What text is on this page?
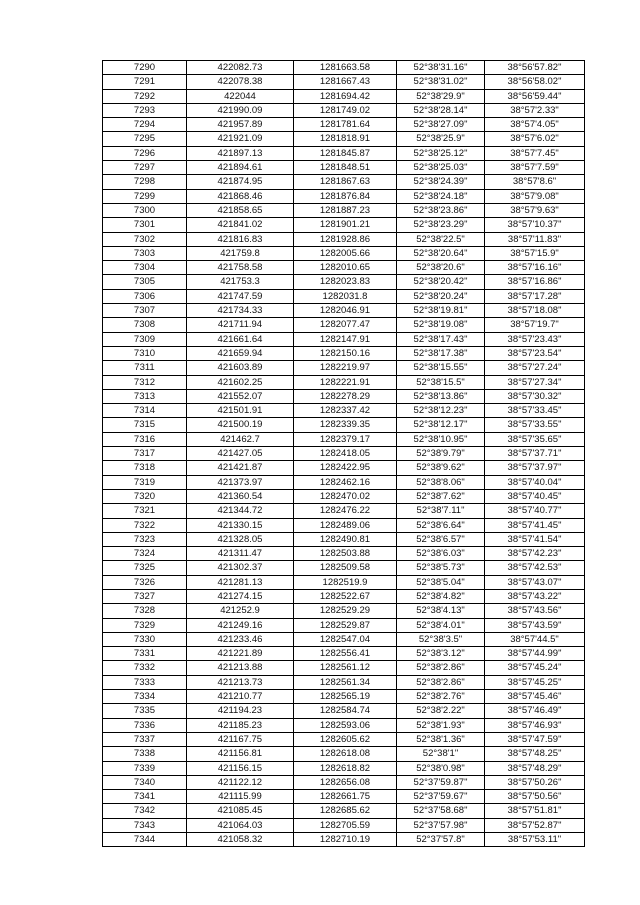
7290	422082.73	1281663.58	52°38'31.16"	38°56'57.82"
7291	422078.38	1281667.43	52°38'31.02"	38°56'58.02"
7292	422044	1281694.42	52°38'29.9"	38°56'59.44"
7293	421990.09	1281749.02	52°38'28.14"	38°57'2.33"
7294	421957.89	1281781.64	52°38'27.09"	38°57'4.05"
7295	421921.09	1281818.91	52°38'25.9"	38°57'6.02"
7296	421897.13	1281845.87	52°38'25.12"	38°57'7.45"
7297	421894.61	1281848.51	52°38'25.03"	38°57'7.59"
7298	421874.95	1281867.63	52°38'24.39"	38°57'8.6"
7299	421868.46	1281876.84	52°38'24.18"	38°57'9.08"
7300	421858.65	1281887.23	52°38'23.86"	38°57'9.63"
7301	421841.02	1281901.21	52°38'23.29"	38°57'10.37"
7302	421816.83	1281928.86	52°38'22.5"	38°57'11.83"
7303	421759.8	1282005.66	52°38'20.64"	38°57'15.9"
7304	421758.58	1282010.65	52°38'20.6"	38°57'16.16"
7305	421753.3	1282023.83	52°38'20.42"	38°57'16.86"
7306	421747.59	1282031.8	52°38'20.24"	38°57'17.28"
7307	421734.33	1282046.91	52°38'19.81"	38°57'18.08"
7308	421711.94	1282077.47	52°38'19.08"	38°57'19.7"
7309	421661.64	1282147.91	52°38'17.43"	38°57'23.43"
7310	421659.94	1282150.16	52°38'17.38"	38°57'23.54"
7311	421603.89	1282219.97	52°38'15.55"	38°57'27.24"
7312	421602.25	1282221.91	52°38'15.5"	38°57'27.34"
7313	421552.07	1282278.29	52°38'13.86"	38°57'30.32"
7314	421501.91	1282337.42	52°38'12.23"	38°57'33.45"
7315	421500.19	1282339.35	52°38'12.17"	38°57'33.55"
7316	421462.7	1282379.17	52°38'10.95"	38°57'35.65"
7317	421427.05	1282418.05	52°38'9.79"	38°57'37.71"
7318	421421.87	1282422.95	52°38'9.62"	38°57'37.97"
7319	421373.97	1282462.16	52°38'8.06"	38°57'40.04"
7320	421360.54	1282470.02	52°38'7.62"	38°57'40.45"
7321	421344.72	1282476.22	52°38'7.11"	38°57'40.77"
7322	421330.15	1282489.06	52°38'6.64"	38°57'41.45"
7323	421328.05	1282490.81	52°38'6.57"	38°57'41.54"
7324	421311.47	1282503.88	52°38'6.03"	38°57'42.23"
7325	421302.37	1282509.58	52°38'5.73"	38°57'42.53"
7326	421281.13	1282519.9	52°38'5.04"	38°57'43.07"
7327	421274.15	1282522.67	52°38'4.82"	38°57'43.22"
7328	421252.9	1282529.29	52°38'4.13"	38°57'43.56"
7329	421249.16	1282529.87	52°38'4.01"	38°57'43.59"
7330	421233.46	1282547.04	52°38'3.5"	38°57'44.5"
7331	421221.89	1282556.41	52°38'3.12"	38°57'44.99"
7332	421213.88	1282561.12	52°38'2.86"	38°57'45.24"
7333	421213.73	1282561.34	52°38'2.86"	38°57'45.25"
7334	421210.77	1282565.19	52°38'2.76"	38°57'45.46"
7335	421194.23	1282584.74	52°38'2.22"	38°57'46.49"
7336	421185.23	1282593.06	52°38'1.93"	38°57'46.93"
7337	421167.75	1282605.62	52°38'1.36"	38°57'47.59"
7338	421156.81	1282618.08	52°38'1"	38°57'48.25"
7339	421156.15	1282618.82	52°38'0.98"	38°57'48.29"
7340	421122.12	1282656.08	52°37'59.87"	38°57'50.26"
7341	421115.99	1282661.75	52°37'59.67"	38°57'50.56"
7342	421085.45	1282685.62	52°37'58.68"	38°57'51.81"
7343	421064.03	1282705.59	52°37'57.98"	38°57'52.87"
7344	421058.32	1282710.19	52°37'57.8"	38°57'53.11"
